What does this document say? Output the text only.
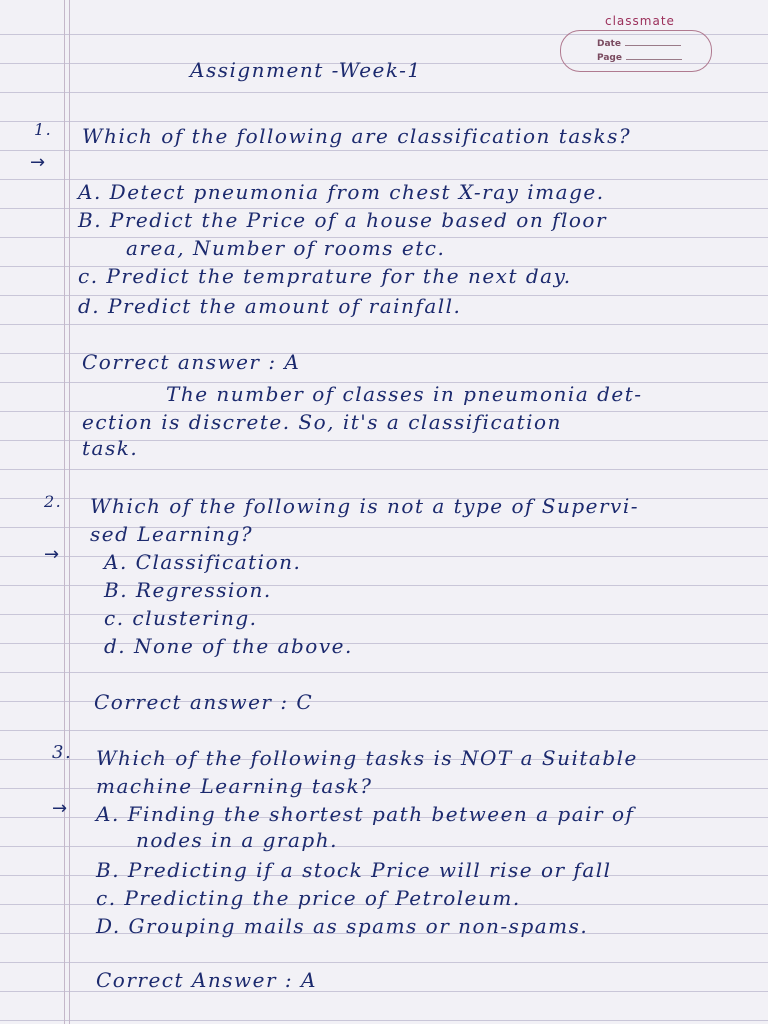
classmate
Date
Page
Assignment -Week-1
1.
→
Which of the following are classification tasks?
A. Detect pneumonia from chest X-ray image.
B. Predict the Price of a house based on floor
area, Number of rooms etc.
c. Predict the temprature for the next day.
d. Predict the amount of rainfall.
Correct answer : A
The number of classes in pneumonia det-
ection is discrete. So, it's a classification
task.
2.
→
Which of the following is not a type of Supervi-
sed Learning?
A. Classification.
B. Regression.
c. clustering.
d. None of the above.
Correct answer : C
3.
→
Which of the following tasks is NOT a Suitable
machine Learning task?
A. Finding the shortest path between a pair of
nodes in a graph.
B. Predicting if a stock Price will rise or fall
c. Predicting the price of Petroleum.
D. Grouping mails as spams or non-spams.
Correct Answer : A
